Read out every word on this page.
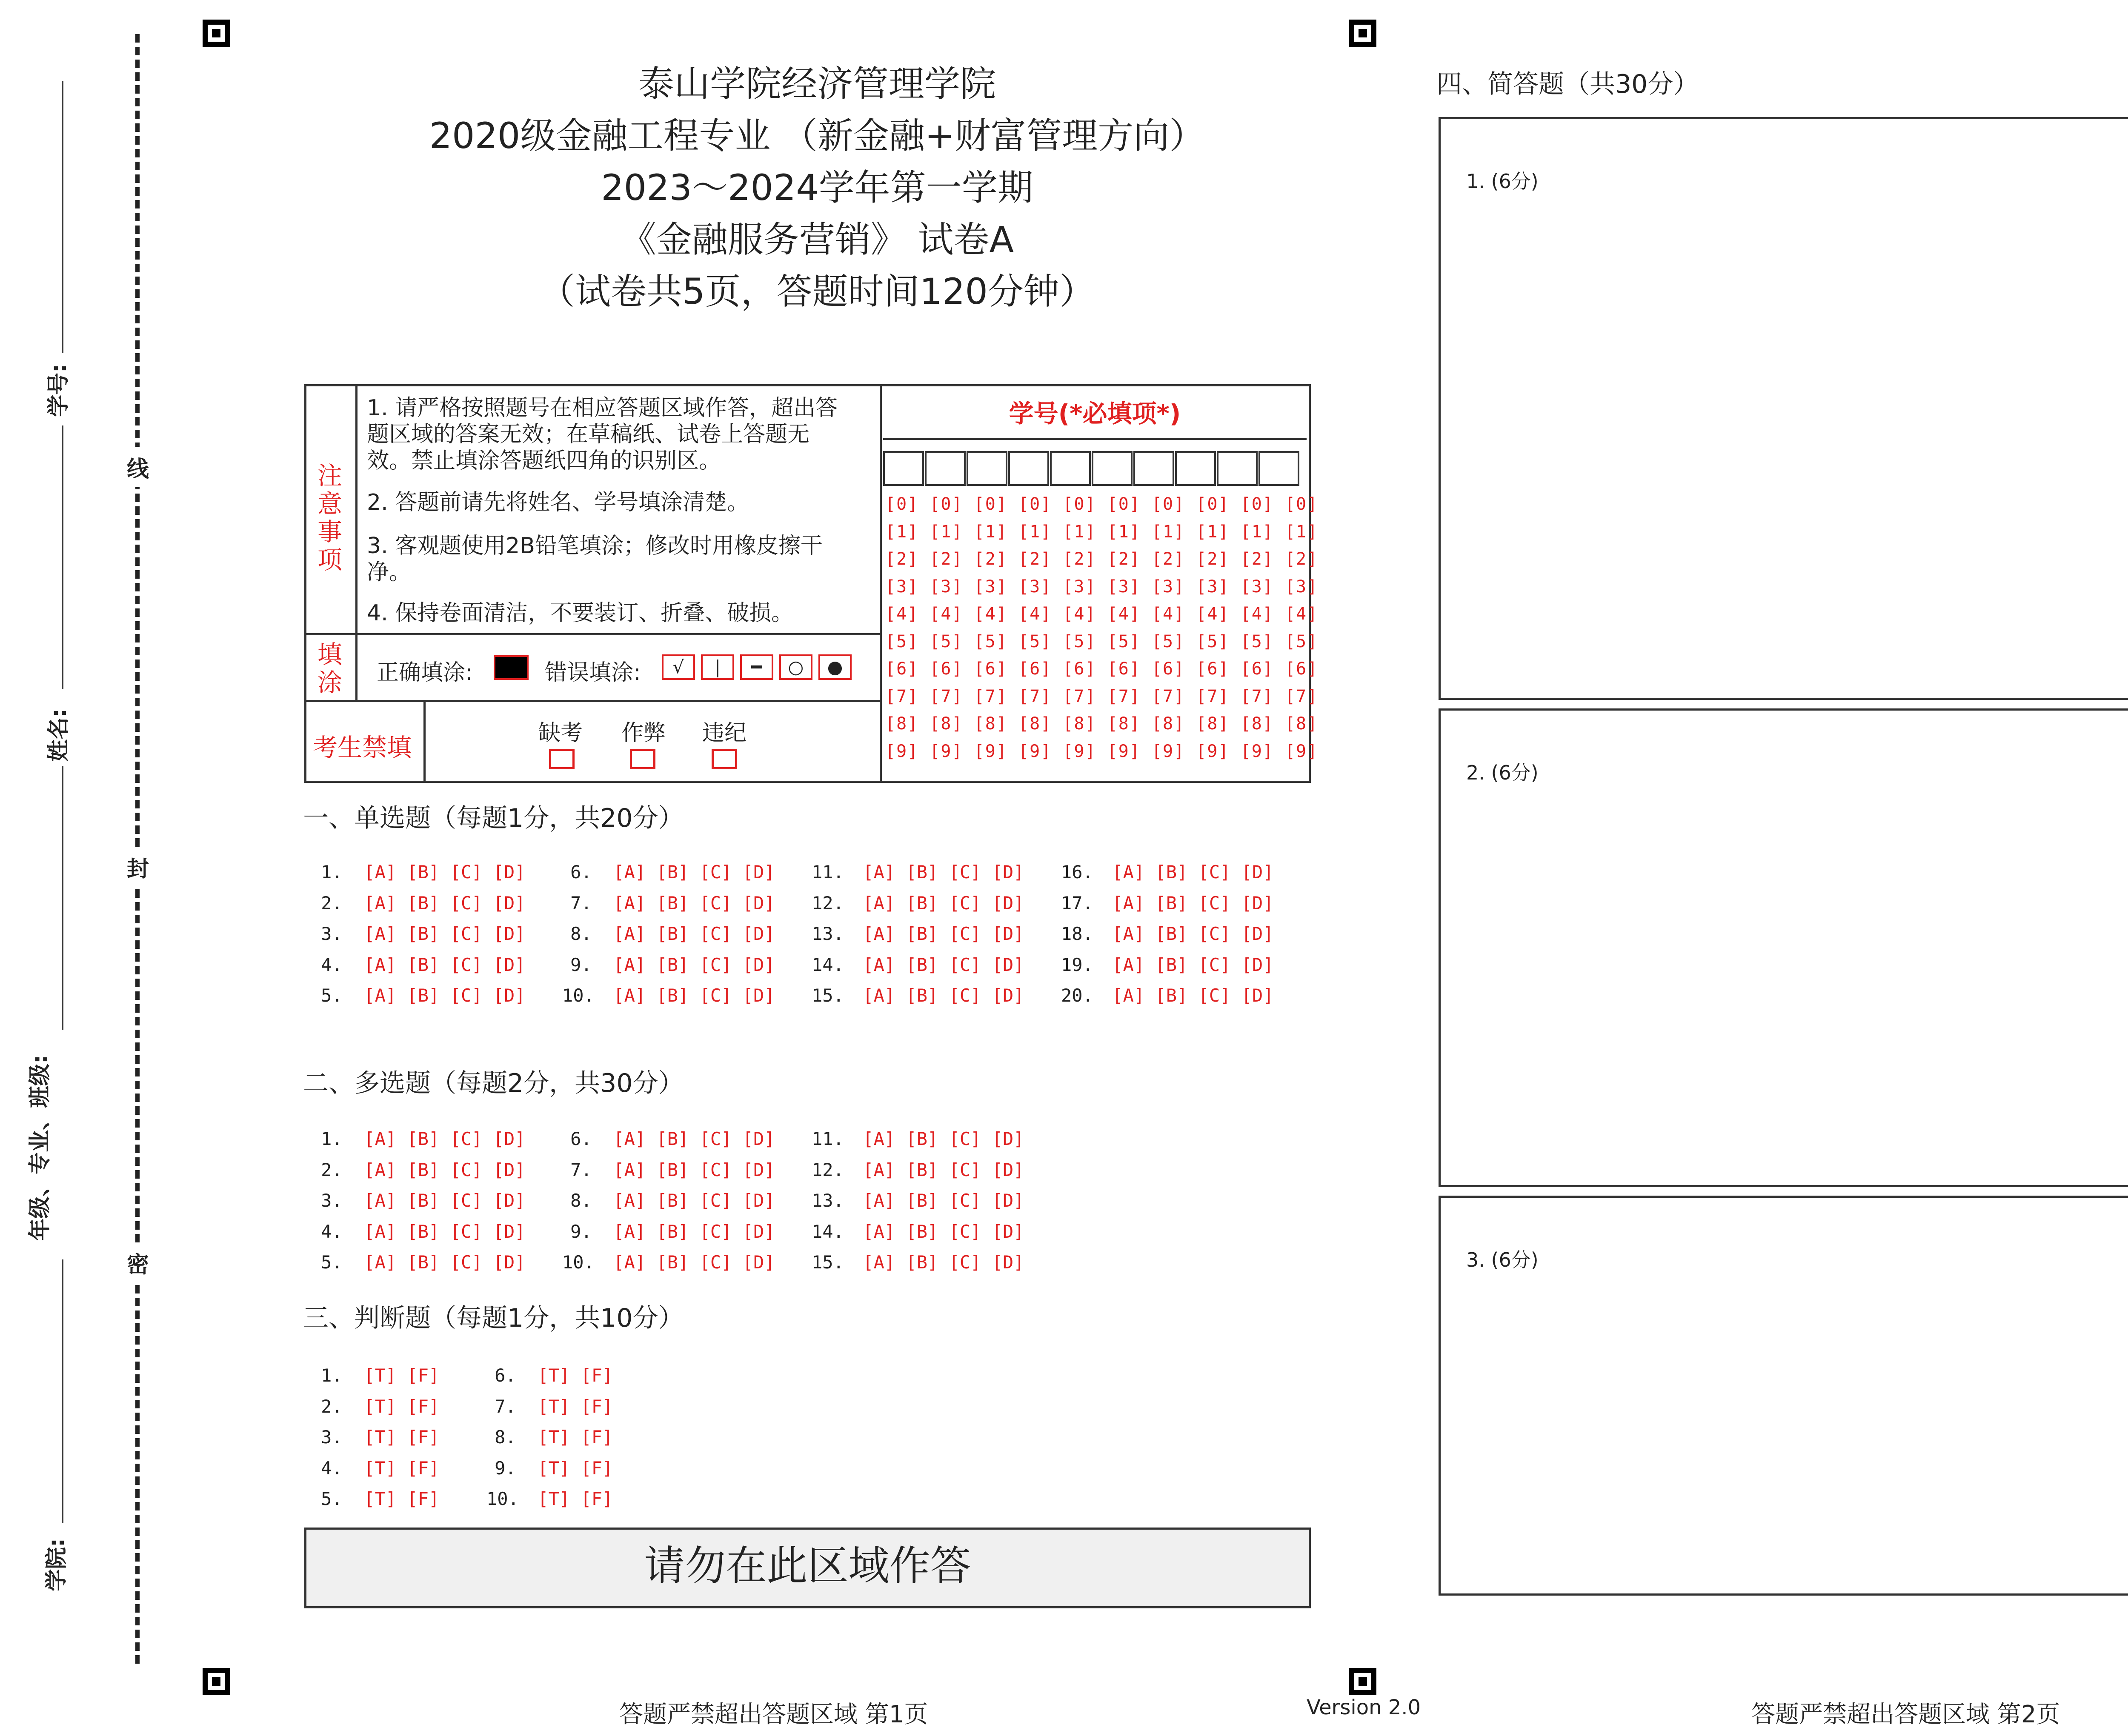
学号:
姓名:
年级、专业、班级:
学院:
线
封
密
泰山学院经济管理学院
2020级金融工程专业 （新金融+财富管理方向）
2023～2024学年第一学期
《金融服务营销》 试卷A
（试卷共5页，答题时间120分钟）
注意事项
1. 请严格按照题号在相应答题区域作答，超出答题区域的答案无效；在草稿纸、试卷上答题无效。禁止填涂答题纸四角的识别区。
2. 答题前请先将姓名、学号填涂清楚。
3. 客观题使用2B铅笔填涂；修改时用橡皮擦干净。
4. 保持卷面清洁，不要装订、折叠、破损。
填涂 正确填涂:	错误填涂:	√	|	━	○	●
考生禁填	缺考 作弊 违纪
学号(*必填项*)
[0] [0] [0] [0] [0] [0] [0] [0] [0] [0]
[1] [1] [1] [1] [1] [1] [1] [1] [1] [1]
[2] [2] [2] [2] [2] [2] [2] [2] [2] [2]
[3] [3] [3] [3] [3] [3] [3] [3] [3] [3]
[4] [4] [4] [4] [4] [4] [4] [4] [4] [4]
[5] [5] [5] [5] [5] [5] [5] [5] [5] [5]
[6] [6] [6] [6] [6] [6] [6] [6] [6] [6]
[7] [7] [7] [7] [7] [7] [7] [7] [7] [7]
[8] [8] [8] [8] [8] [8] [8] [8] [8] [8]
[9] [9] [9] [9] [9] [9] [9] [9] [9] [9]
一、单选题（每题1分，共20分）
1.  [A] [B] [C] [D]
2.  [A] [B] [C] [D]
3.  [A] [B] [C] [D]
4.  [A] [B] [C] [D]
5.  [A] [B] [C] [D]
6.  [A] [B] [C] [D]
7.  [A] [B] [C] [D]
8.  [A] [B] [C] [D]
9.  [A] [B] [C] [D]
10.  [A] [B] [C] [D]
11.  [A] [B] [C] [D]
12.  [A] [B] [C] [D]
13.  [A] [B] [C] [D]
14.  [A] [B] [C] [D]
15.  [A] [B] [C] [D]
16.  [A] [B] [C] [D]
17.  [A] [B] [C] [D]
18.  [A] [B] [C] [D]
19.  [A] [B] [C] [D]
20.  [A] [B] [C] [D]
二、多选题（每题2分，共30分）
1.  [A] [B] [C] [D]
2.  [A] [B] [C] [D]
3.  [A] [B] [C] [D]
4.  [A] [B] [C] [D]
5.  [A] [B] [C] [D]
6.  [A] [B] [C] [D]
7.  [A] [B] [C] [D]
8.  [A] [B] [C] [D]
9.  [A] [B] [C] [D]
10.  [A] [B] [C] [D]
11.  [A] [B] [C] [D]
12.  [A] [B] [C] [D]
13.  [A] [B] [C] [D]
14.  [A] [B] [C] [D]
15.  [A] [B] [C] [D]
三、判断题（每题1分，共10分）
1.  [T] [F]
2.  [T] [F]
3.  [T] [F]
4.  [T] [F]
5.  [T] [F]
6.  [T] [F]
7.  [T] [F]
8.  [T] [F]
9.  [T] [F]
10.  [T] [F]
请勿在此区域作答
四、简答题（共30分）
1. (6分)
2. (6分)
3. (6分)
答题严禁超出答题区域 第1页	Version 2.0	答题严禁超出答题区域 第2页
